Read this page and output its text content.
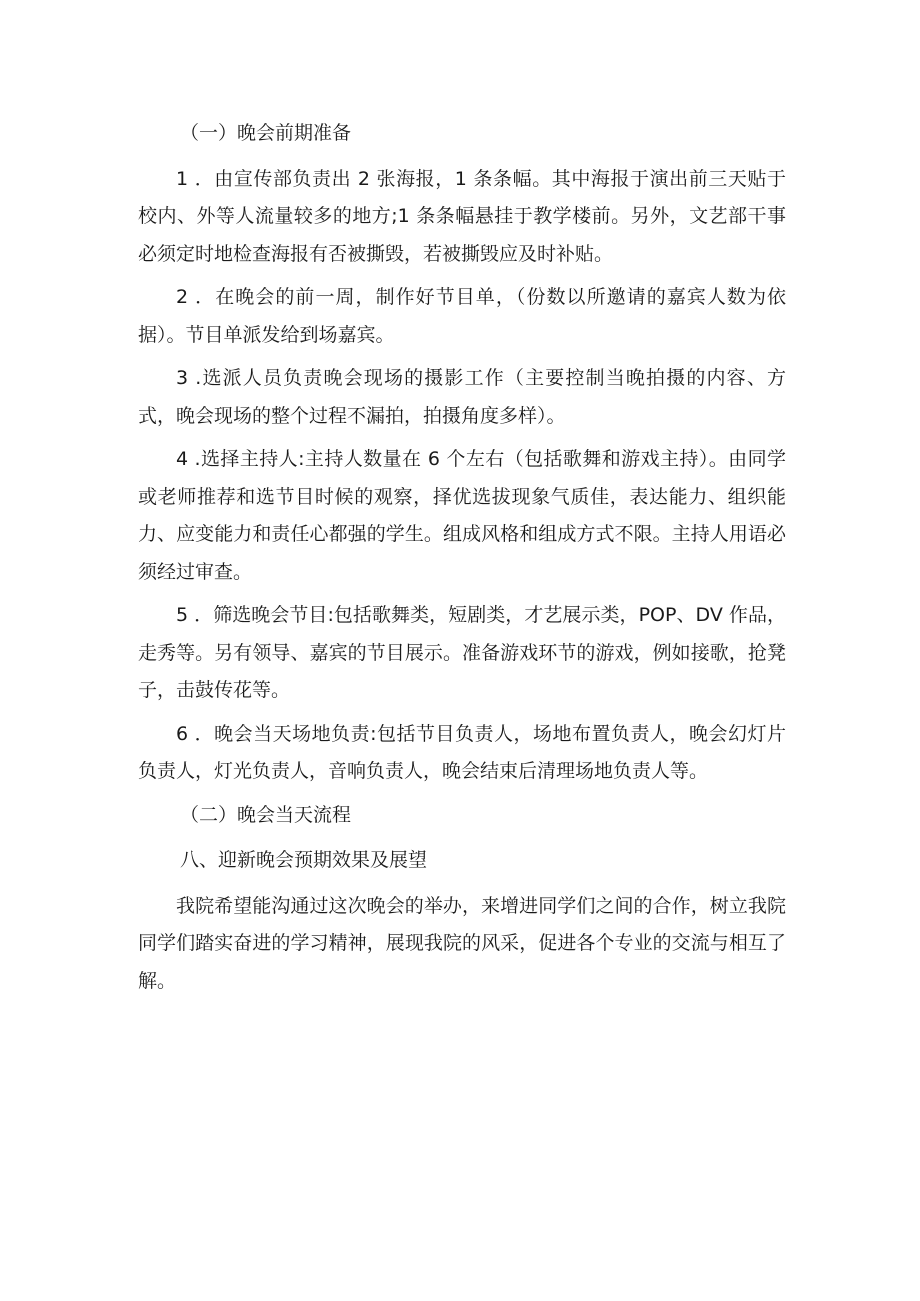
（一）晚会前期准备

1 ．由宣传部负责出 2 张海报，1 条条幅。其中海报于演出前三天贴于校内、外等人流量较多的地方;1 条条幅悬挂于教学楼前。另外，文艺部干事必须定时地检查海报有否被撕毁，若被撕毁应及时补贴。

2 ．在晚会的前一周，制作好节目单，（份数以所邀请的嘉宾人数为依据）。节目单派发给到场嘉宾。

3 .选派人员负责晚会现场的摄影工作（主要控制当晚拍摄的内容、方式，晚会现场的整个过程不漏拍，拍摄角度多样）。

4 .选择主持人:主持人数量在 6 个左右（包括歌舞和游戏主持）。由同学或老师推荐和选节目时候的观察，择优选拔现象气质佳，表达能力、组织能力、应变能力和责任心都强的学生。组成风格和组成方式不限。主持人用语必须经过审查。

5 ．筛选晚会节目:包括歌舞类，短剧类，才艺展示类，POP、DV 作品，走秀等。另有领导、嘉宾的节目展示。准备游戏环节的游戏，例如接歌，抢凳子，击鼓传花等。

6 ．晚会当天场地负责:包括节目负责人，场地布置负责人，晚会幻灯片负责人，灯光负责人，音响负责人，晚会结束后清理场地负责人等。

（二）晚会当天流程

八、迎新晚会预期效果及展望

我院希望能沟通过这次晚会的举办，来增进同学们之间的合作，树立我院同学们踏实奋进的学习精神，展现我院的风采，促进各个专业的交流与相互了解。
